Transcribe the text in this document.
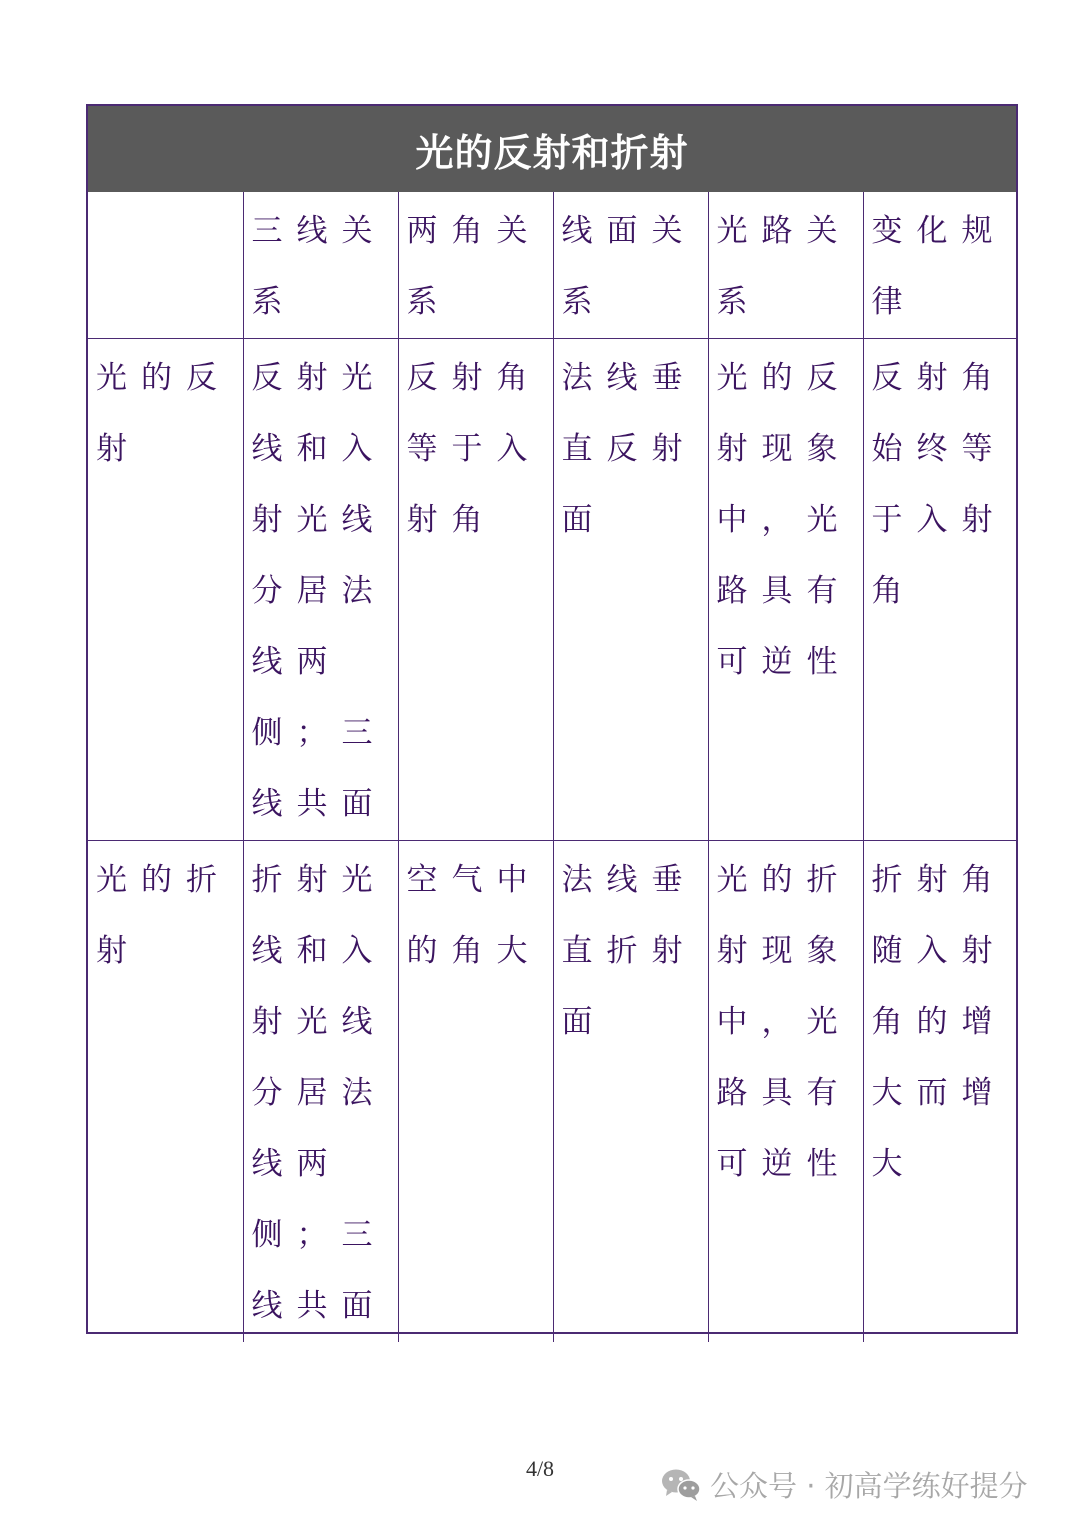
光的反射和折射
	三线关系	两角关系	线面关系	光路关系	变化规律
光的反射	反射光线和入射光线分居法线两侧；三线共面	反射角等于入射角	法线垂直反射面	光的反射现象中，光路具有可逆性	反射角始终等于入射角
光的折射	折射光线和入射光线分居法线两侧；三线共面	空气中的角大	法线垂直折射面	光的折射现象中，光路具有可逆性	折射角随入射角的增大而增大
4/8	公众号 · 初高学练好提分
